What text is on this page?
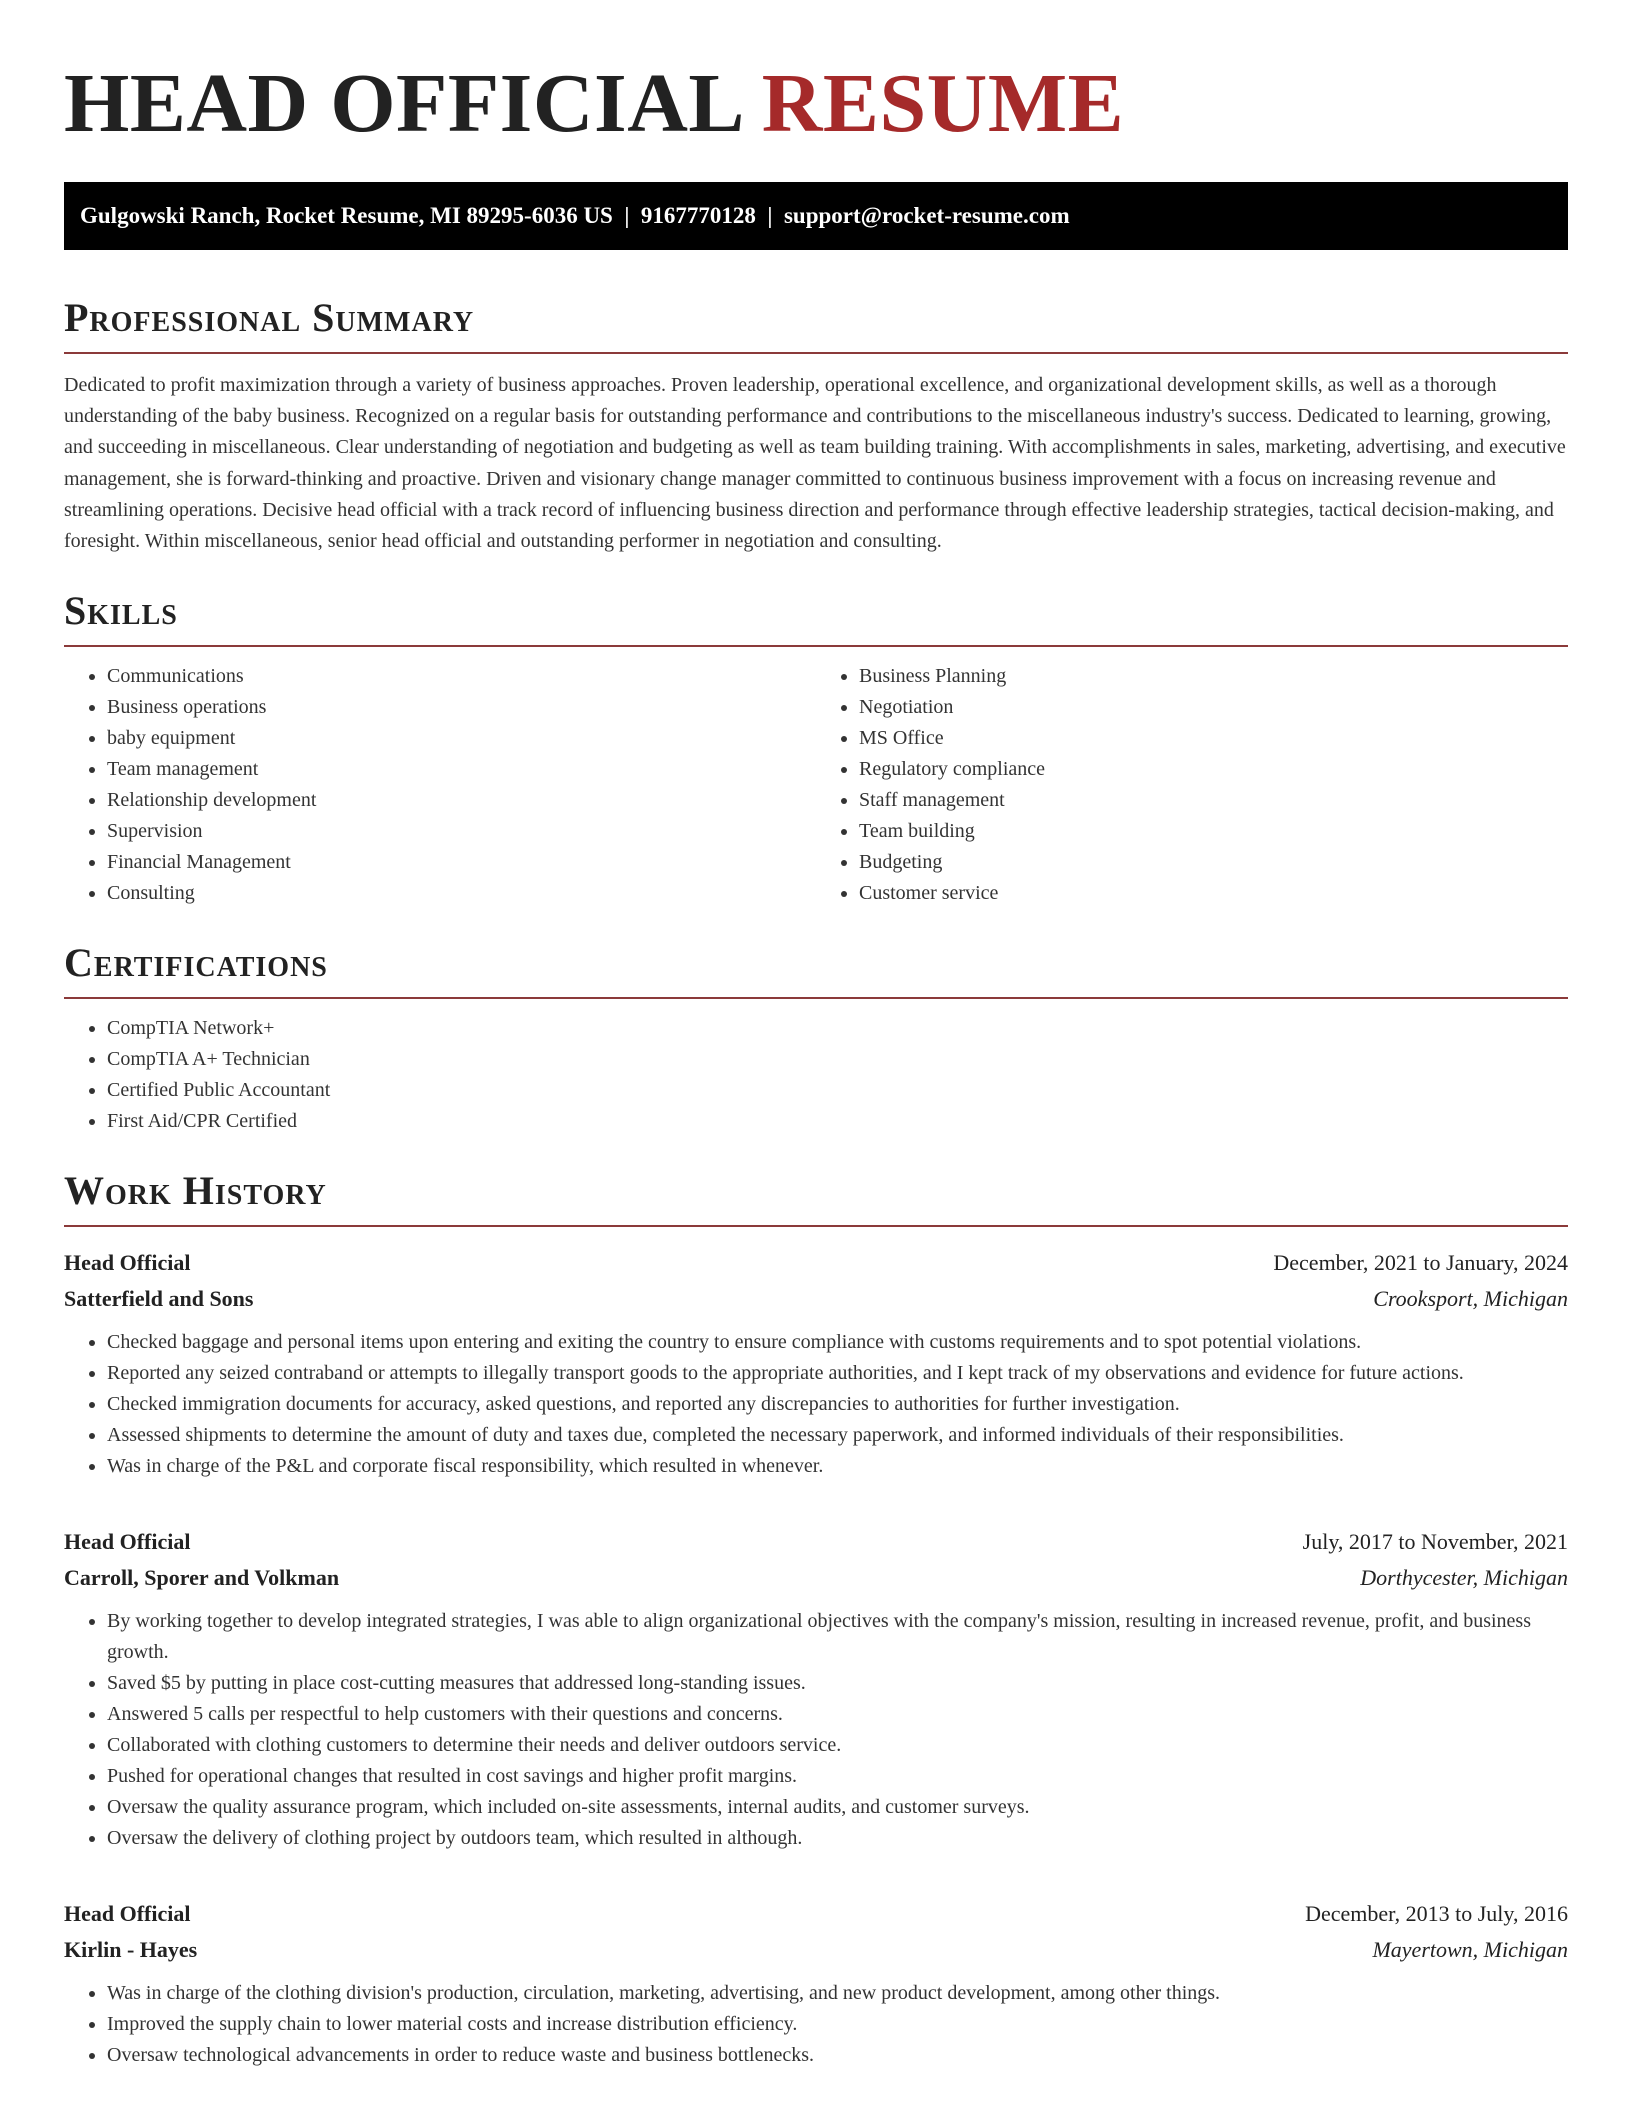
HEAD OFFICIAL RESUME
Gulgowski Ranch, Rocket Resume, MI 89295-6036 US  |  9167770128  |  support@rocket-resume.com
Professional Summary

Dedicated to profit maximization through a variety of business approaches. Proven leadership, operational excellence, and organizational development skills, as well as a thorough understanding of the baby business. Recognized on a regular basis for outstanding performance and contributions to the miscellaneous industry's success. Dedicated to learning, growing, and succeeding in miscellaneous. Clear understanding of negotiation and budgeting as well as team building training. With accomplishments in sales, marketing, advertising, and executive management, she is forward-thinking and proactive. Driven and visionary change manager committed to continuous business improvement with a focus on increasing revenue and streamlining operations. Decisive head official with a track record of influencing business direction and performance through effective leadership strategies, tactical decision-making, and foresight. Within miscellaneous, senior head official and outstanding performer in negotiation and consulting.

Skills
• Communications
• Business operations
• baby equipment
• Team management
• Relationship development
• Supervision
• Financial Management
• Consulting
• Business Planning
• Negotiation
• MS Office
• Regulatory compliance
• Staff management
• Team building
• Budgeting
• Customer service
Certifications
• CompTIA Network+
• CompTIA A+ Technician
• Certified Public Accountant
• First Aid/CPR Certified
Work History
Head Official	December, 2021 to January, 2024
Satterfield and Sons	Crooksport, Michigan
• Checked baggage and personal items upon entering and exiting the country to ensure compliance with customs requirements and to spot potential violations.
• Reported any seized contraband or attempts to illegally transport goods to the appropriate authorities, and I kept track of my observations and evidence for future actions.
• Checked immigration documents for accuracy, asked questions, and reported any discrepancies to authorities for further investigation.
• Assessed shipments to determine the amount of duty and taxes due, completed the necessary paperwork, and informed individuals of their responsibilities.
• Was in charge of the P&L and corporate fiscal responsibility, which resulted in whenever.
Head Official	July, 2017 to November, 2021
Carroll, Sporer and Volkman	Dorthycester, Michigan
• By working together to develop integrated strategies, I was able to align organizational objectives with the company's mission, resulting in increased revenue, profit, and business growth.
• Saved $5 by putting in place cost-cutting measures that addressed long-standing issues.
• Answered 5 calls per respectful to help customers with their questions and concerns.
• Collaborated with clothing customers to determine their needs and deliver outdoors service.
• Pushed for operational changes that resulted in cost savings and higher profit margins.
• Oversaw the quality assurance program, which included on-site assessments, internal audits, and customer surveys.
• Oversaw the delivery of clothing project by outdoors team, which resulted in although.
Head Official	December, 2013 to July, 2016
Kirlin - Hayes	Mayertown, Michigan
• Was in charge of the clothing division's production, circulation, marketing, advertising, and new product development, among other things.
• Improved the supply chain to lower material costs and increase distribution efficiency.
• Oversaw technological advancements in order to reduce waste and business bottlenecks.
